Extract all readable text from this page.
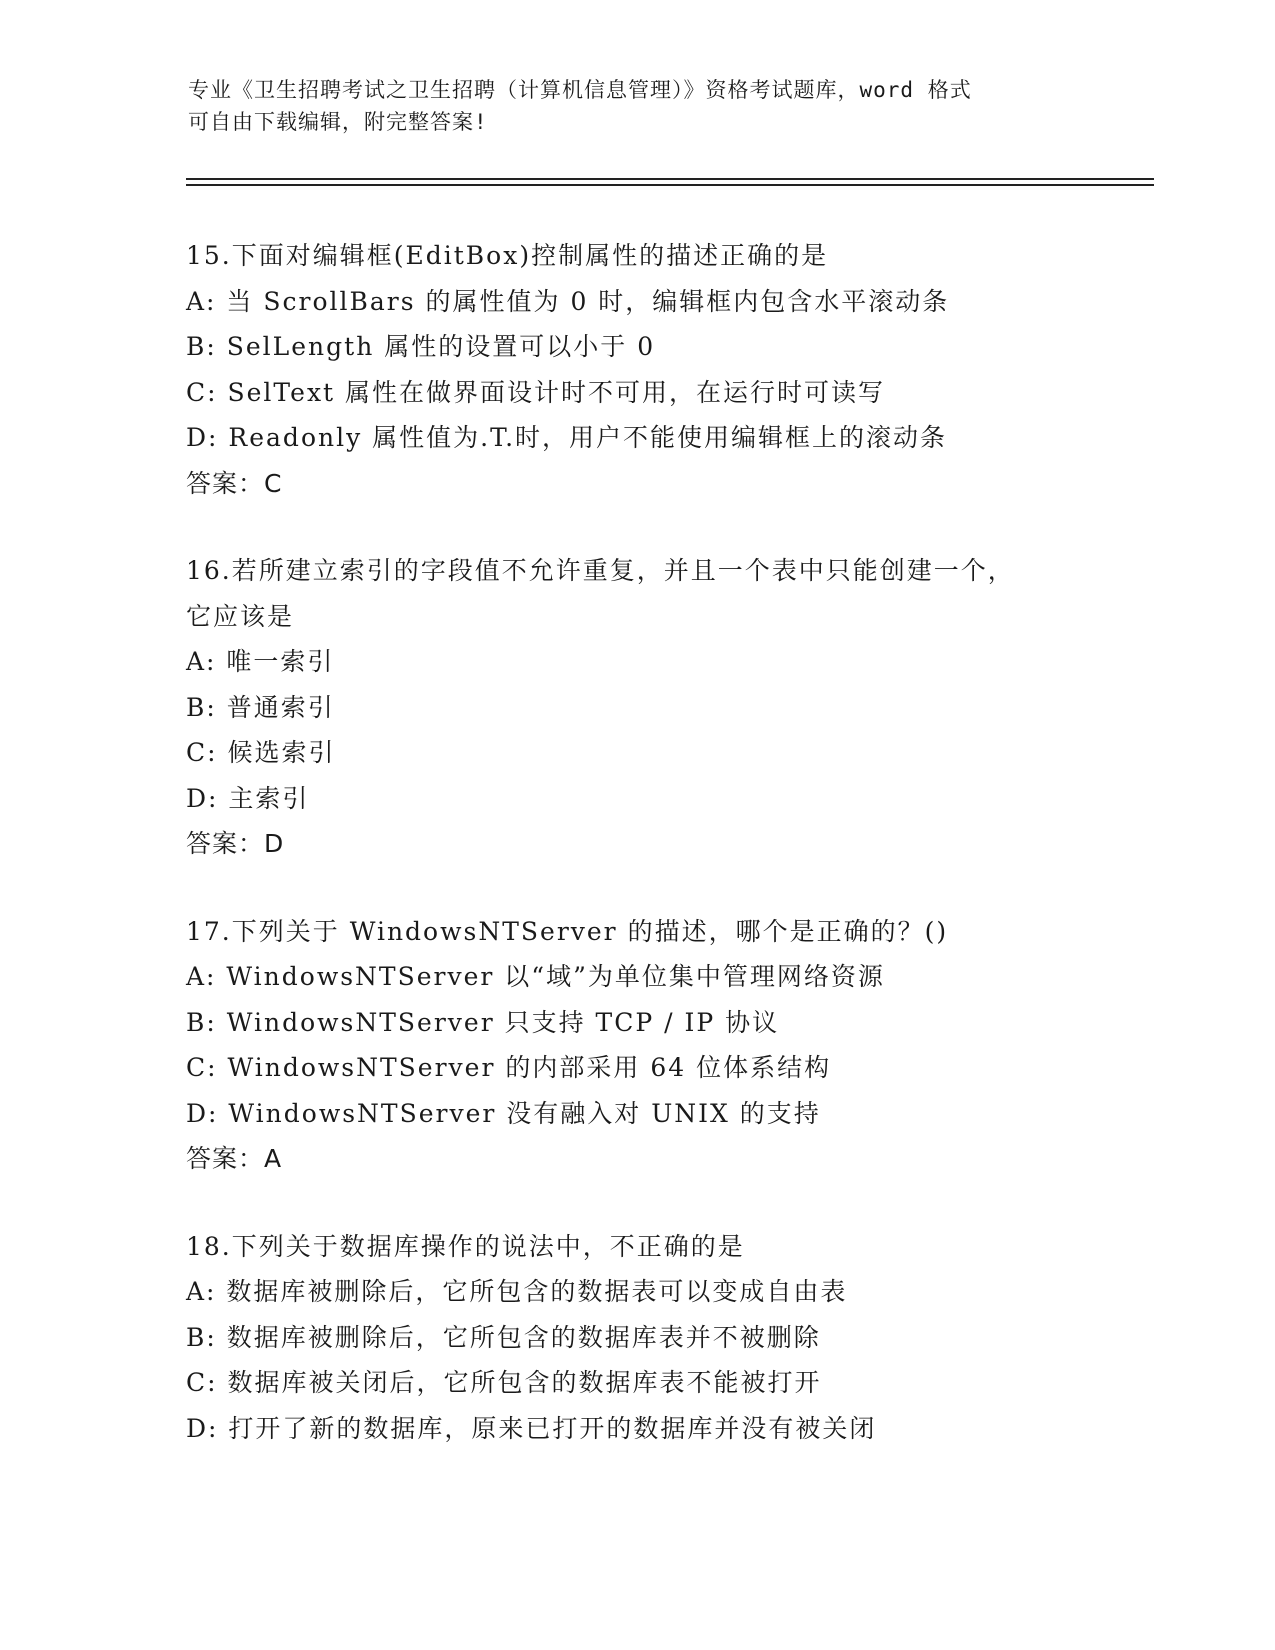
专业《卫生招聘考试之卫生招聘（计算机信息管理）》资格考试题库，word 格式
可自由下载编辑，附完整答案!
15.下面对编辑框(EditBox)控制属性的描述正确的是
A: 当 ScrollBars 的属性值为 0 时，编辑框内包含水平滚动条
B: SelLength 属性的设置可以小于 0
C: SelText 属性在做界面设计时不可用，在运行时可读写
D: Readonly 属性值为.T.时，用户不能使用编辑框上的滚动条
答案：C
16.若所建立索引的字段值不允许重复，并且一个表中只能创建一个，
它应该是
A: 唯一索引
B: 普通索引
C: 候选索引
D: 主索引
答案：D
17.下列关于 WindowsNTServer 的描述，哪个是正确的？()
A: WindowsNTServer 以“域”为单位集中管理网络资源
B: WindowsNTServer 只支持 TCP / IP 协议
C: WindowsNTServer 的内部采用 64 位体系结构
D: WindowsNTServer 没有融入对 UNIX 的支持
答案：A
18.下列关于数据库操作的说法中，不正确的是
A: 数据库被删除后，它所包含的数据表可以变成自由表
B: 数据库被删除后，它所包含的数据库表并不被删除
C: 数据库被关闭后，它所包含的数据库表不能被打开
D: 打开了新的数据库，原来已打开的数据库并没有被关闭
